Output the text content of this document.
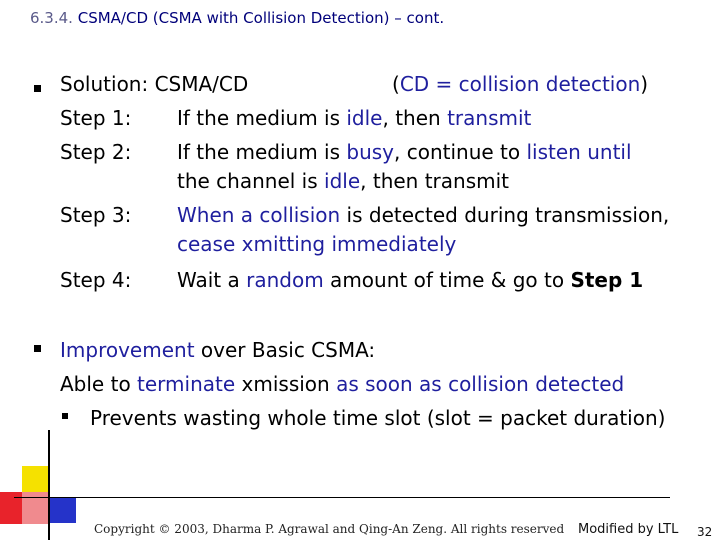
6.3.4. CSMA/CD (CSMA with Collision Detection) – cont.
Solution: CSMA/CD	(CD = collision detection)
Step 1: If the medium is idle, then transmit
Step 2: If the medium is busy, continue to listen until
the channel is idle, then transmit
Step 3: When a collision is detected during transmission,
cease xmitting immediately
Step 4: Wait a random amount of time & go to Step 1
Improvement over Basic CSMA:
Able to terminate xmission as soon as collision detected
Prevents wasting whole time slot (slot = packet duration)
Copyright © 2003, Dharma P. Agrawal and Qing-An Zeng. All rights reserved Modified by LTL 32
